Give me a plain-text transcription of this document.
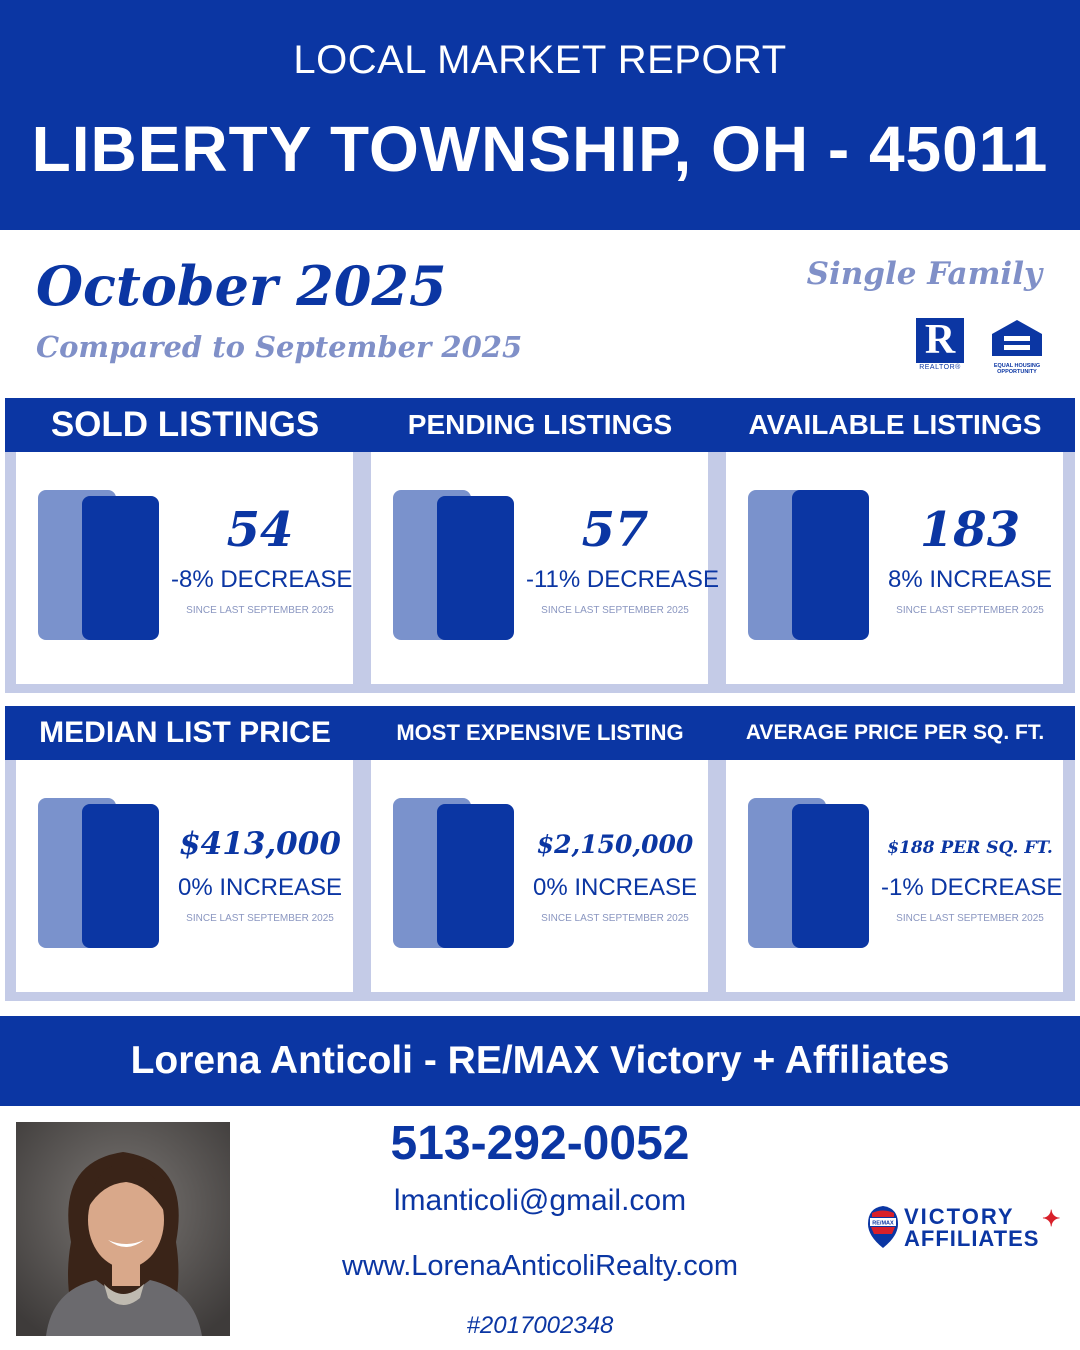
LOCAL MARKET REPORT
LIBERTY TOWNSHIP, OH - 45011
October 2025
Compared to September 2025
Single Family
R
REALTOR®	EQUAL HOUSING
OPPORTUNITY
SOLD LISTINGS	PENDING LISTINGS	AVAILABLE LISTINGS
54
-8% DECREASE
SINCE LAST SEPTEMBER 2025
57
-11% DECREASE
SINCE LAST SEPTEMBER 2025
183
8% INCREASE
SINCE LAST SEPTEMBER 2025
MEDIAN LIST PRICE	MOST EXPENSIVE LISTING	AVERAGE PRICE PER SQ. FT.
$413,000
0% INCREASE
SINCE LAST SEPTEMBER 2025
$2,150,000
0% INCREASE
SINCE LAST SEPTEMBER 2025
$188 PER SQ. FT.
-1% DECREASE
SINCE LAST SEPTEMBER 2025
Lorena Anticoli - RE/MAX Victory + Affiliates
513-292-0052
lmanticoli@gmail.com
www.LorenaAnticoliRealty.com
#2017002348
RE/MAX VICTORY ✦
AFFILIATES
